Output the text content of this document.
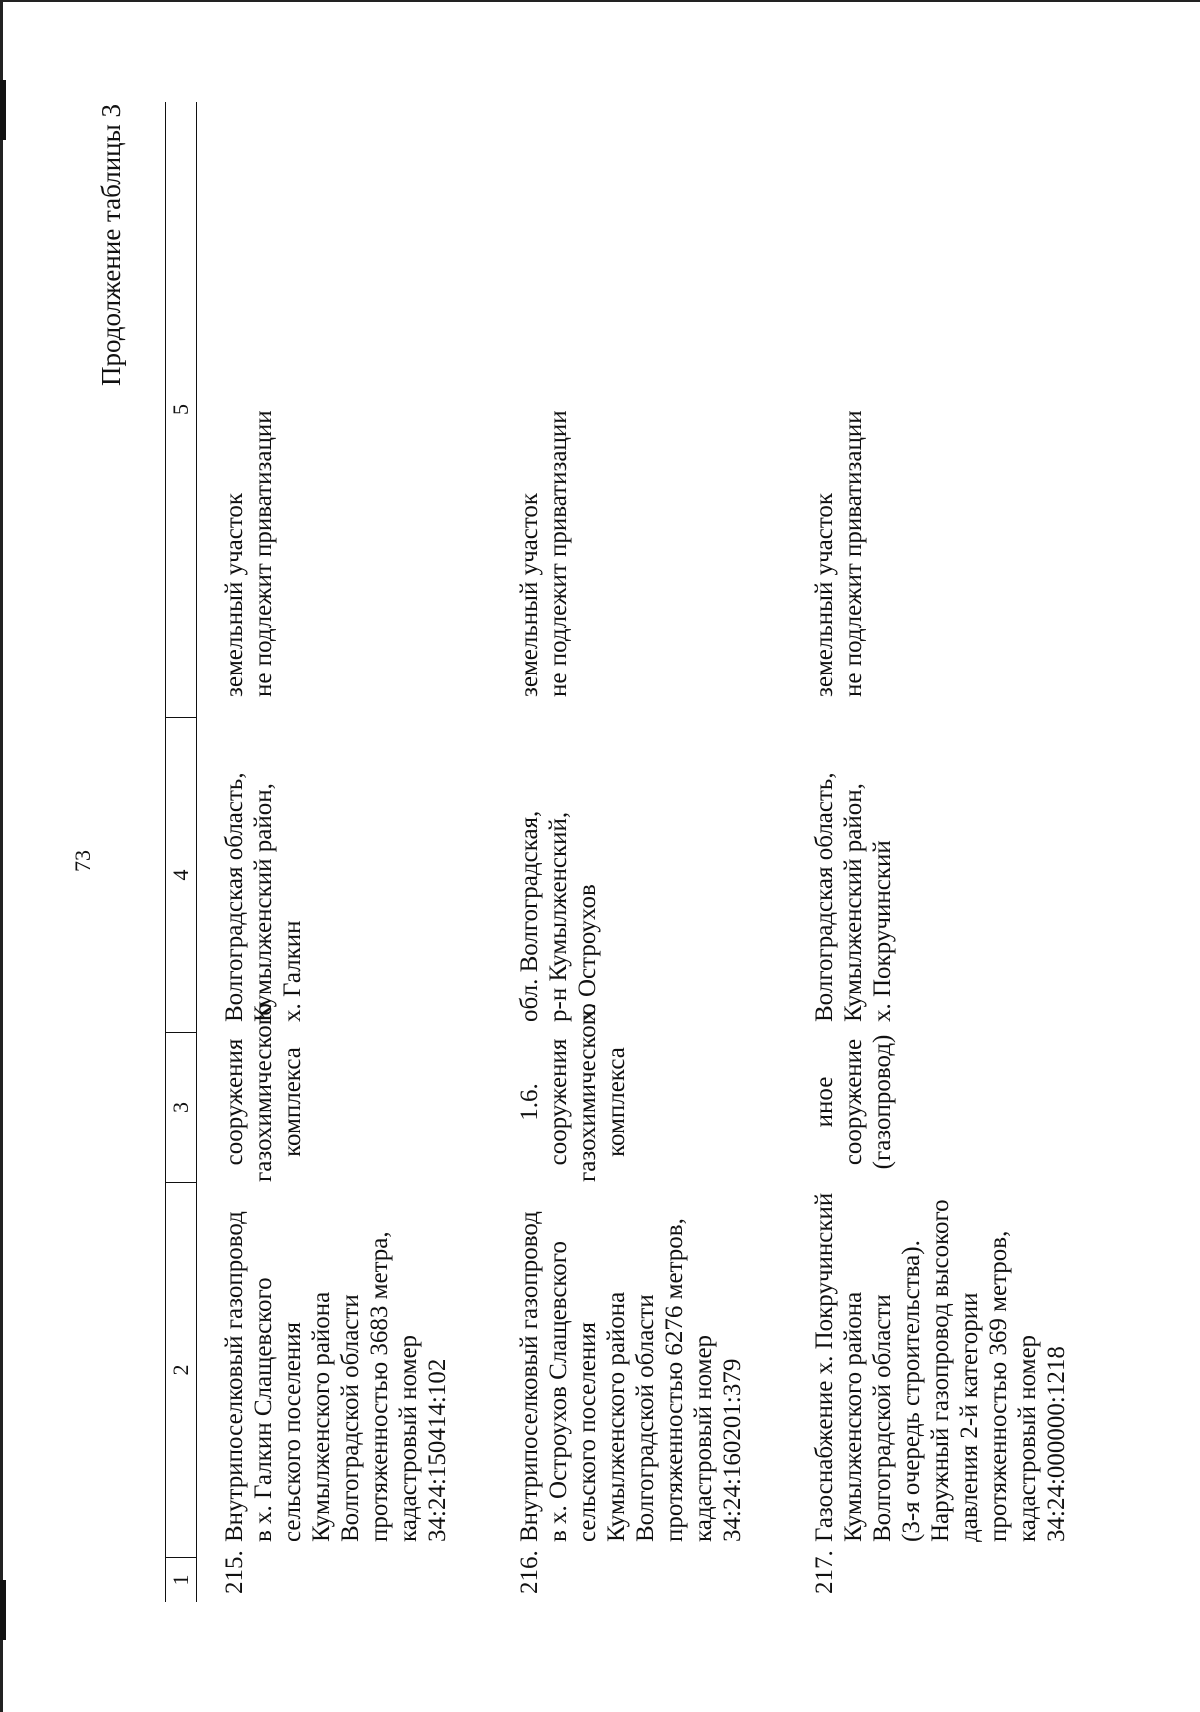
73
Продолжение таблицы 3
1
2
3
4
5
215.
Внутрипоселковый газопровод
в х. Галкин Слащевского
сельского поселения
Кумылженского района
Волгоградской области
протяженностью 3683 метра,
кадастровый номер
34:24:150414:102
сооружения
газохимического
комплекса
Волгоградская область,
Кумылженский район,
х. Галкин
земельный участок
не подлежит приватизации
216.
Внутрипоселковый газопровод
в х. Остроухов Слащевского
сельского поселения
Кумылженского района
Волгоградской области
протяженностью 6276 метров,
кадастровый номер
34:24:160201:379
1.6. сооружения
газохимического
комплекса
обл. Волгоградская,
р-н Кумылженский,
х. Остроухов
земельный участок
не подлежит приватизации
217.
Газоснабжение х. Покручинский
Кумылженского района
Волгоградской области
(3-я очередь строительства).
Наружный газопровод высокого
давления 2-й категории
протяженностью 369 метров,
кадастровый номер
34:24:000000:1218
иное сооружение
(газопровод)
Волгоградская область,
Кумылженский район,
х. Покручинский
земельный участок
не подлежит приватизации
